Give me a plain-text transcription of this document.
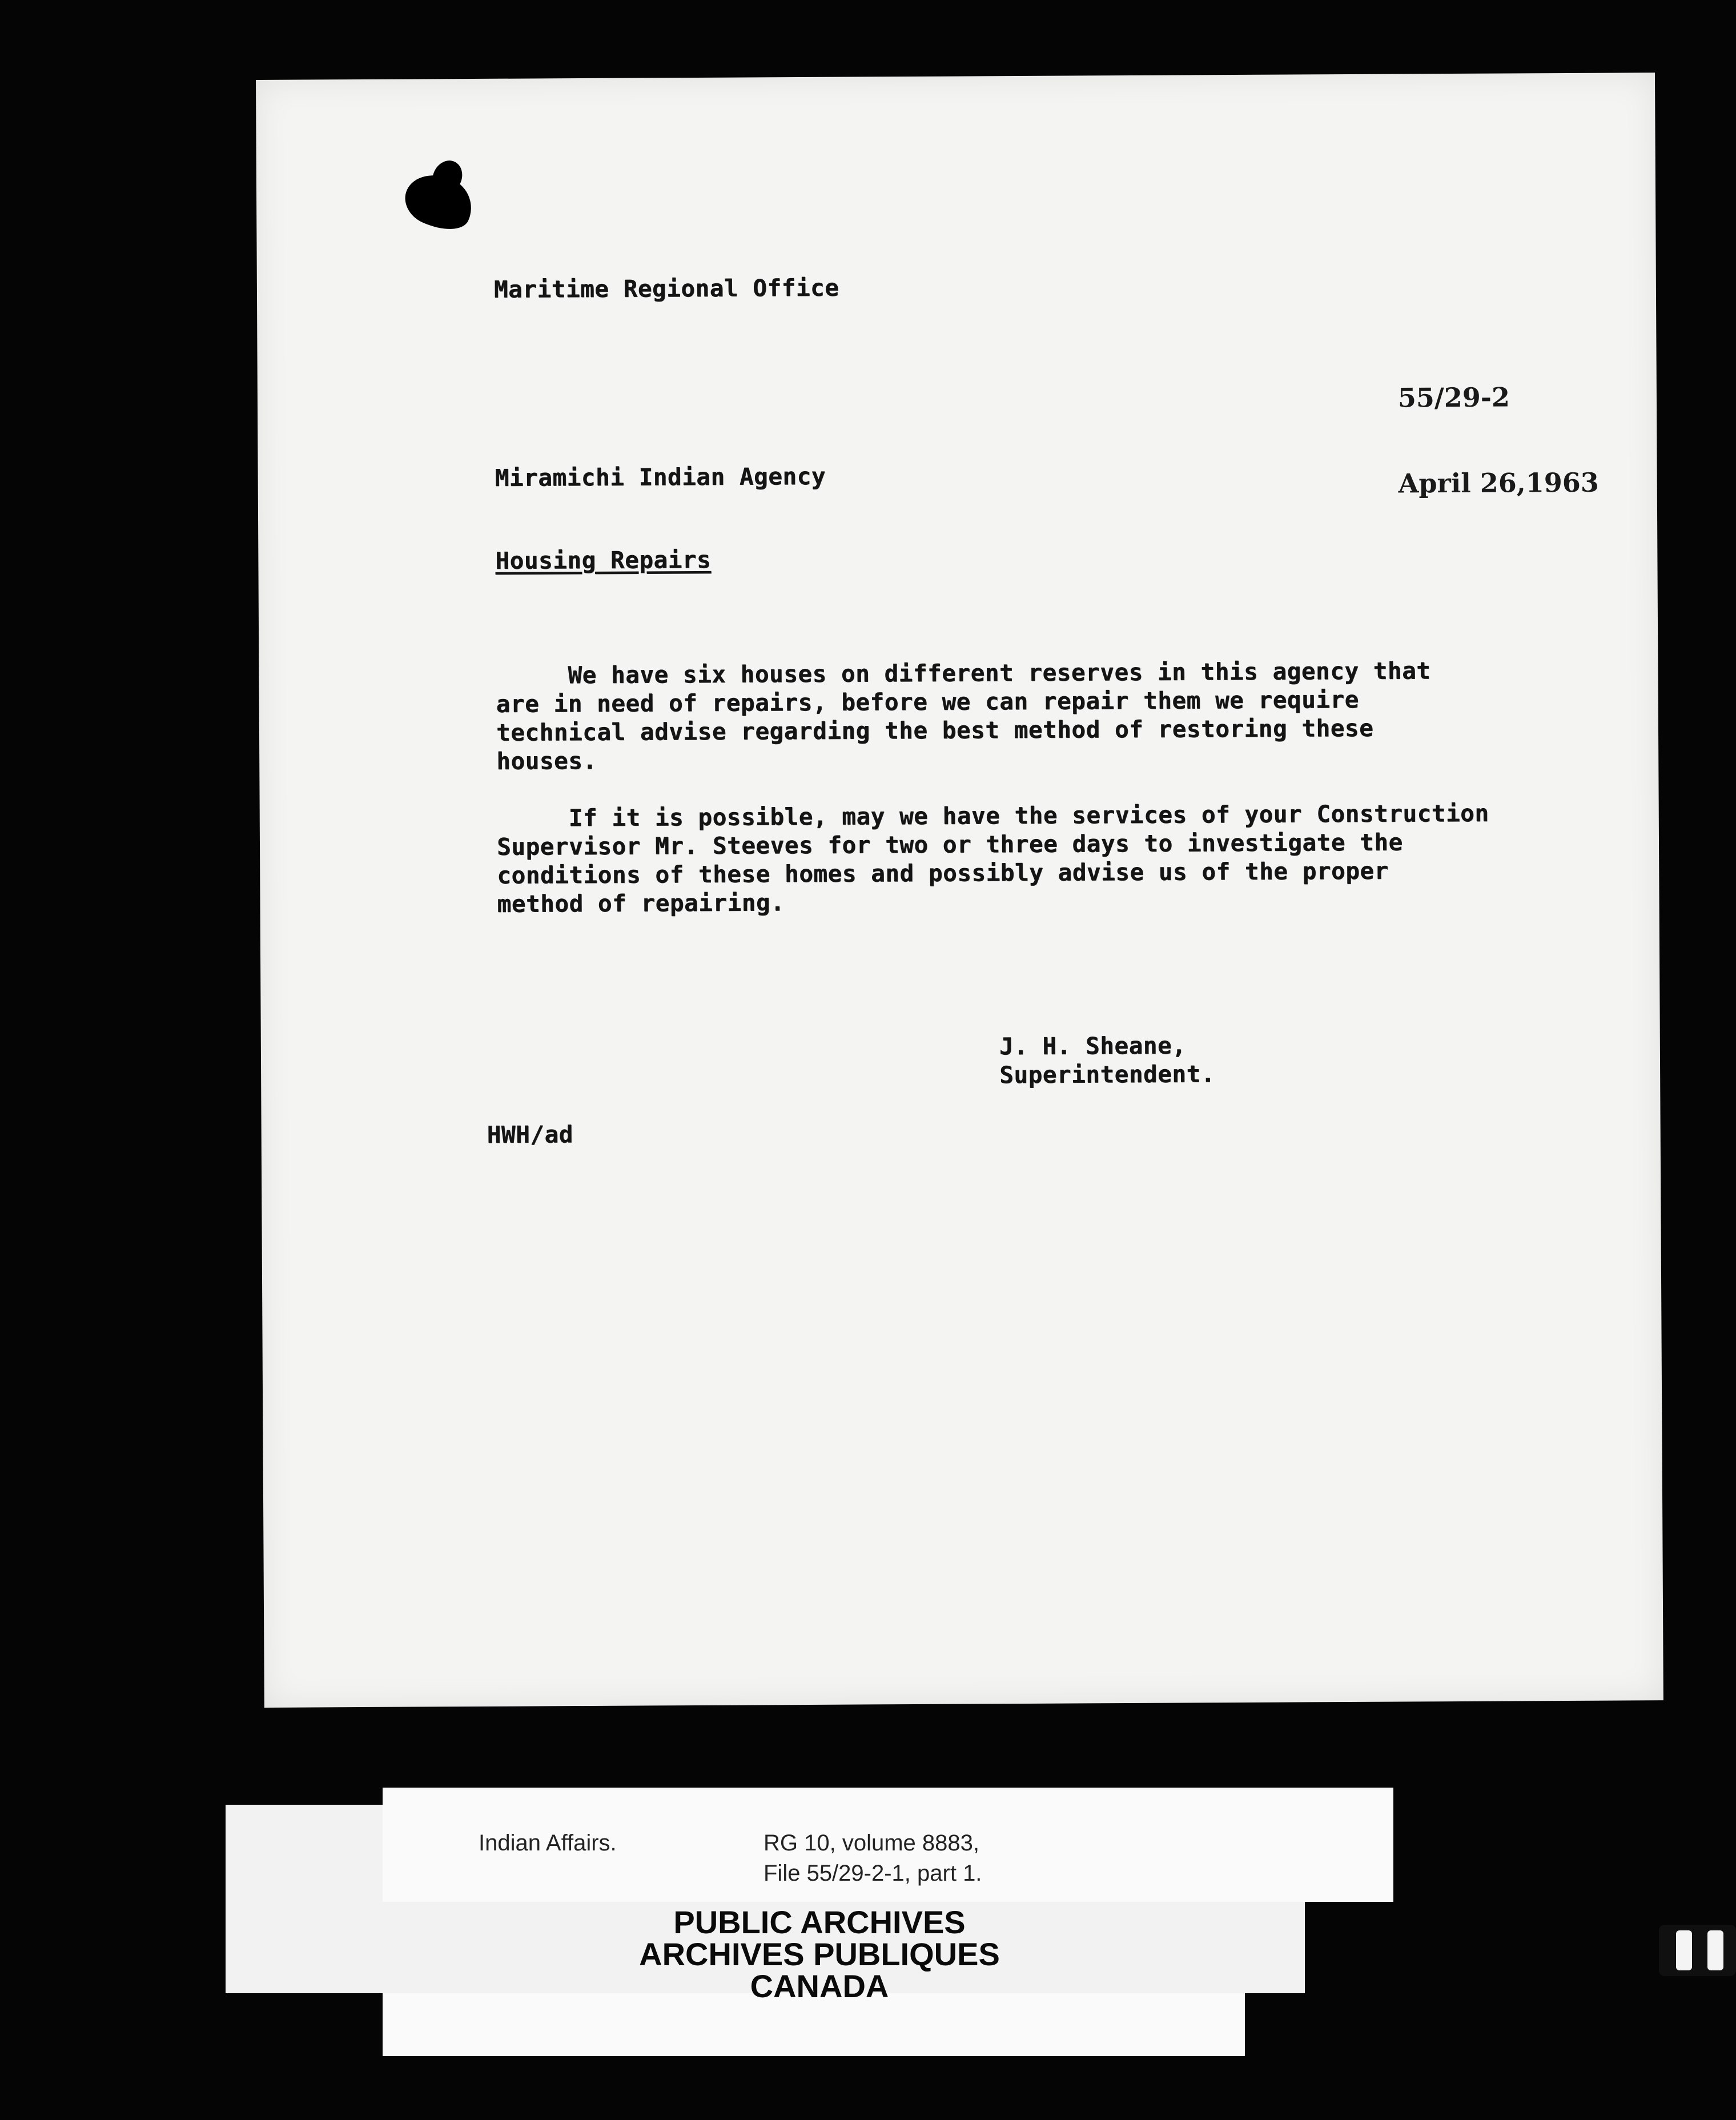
Maritime Regional Office
55/29-2
Miramichi Indian Agency	April 26,1963
Housing Repairs
We have six houses on different reserves in this agency that
are in need of repairs, before we can repair them we require
technical advise regarding the best method of restoring these
houses.
If it is possible, may we have the services of your Construction
Supervisor Mr. Steeves for two or three days to investigate the
conditions of these homes and possibly advise us of the proper
method of repairing.
J. H. Sheane,
Superintendent.
HWH/ad
Indian Affairs.	RG 10, volume 8883,
File 55/29-2-1, part 1.
PUBLIC ARCHIVES
ARCHIVES PUBLIQUES
CANADA
